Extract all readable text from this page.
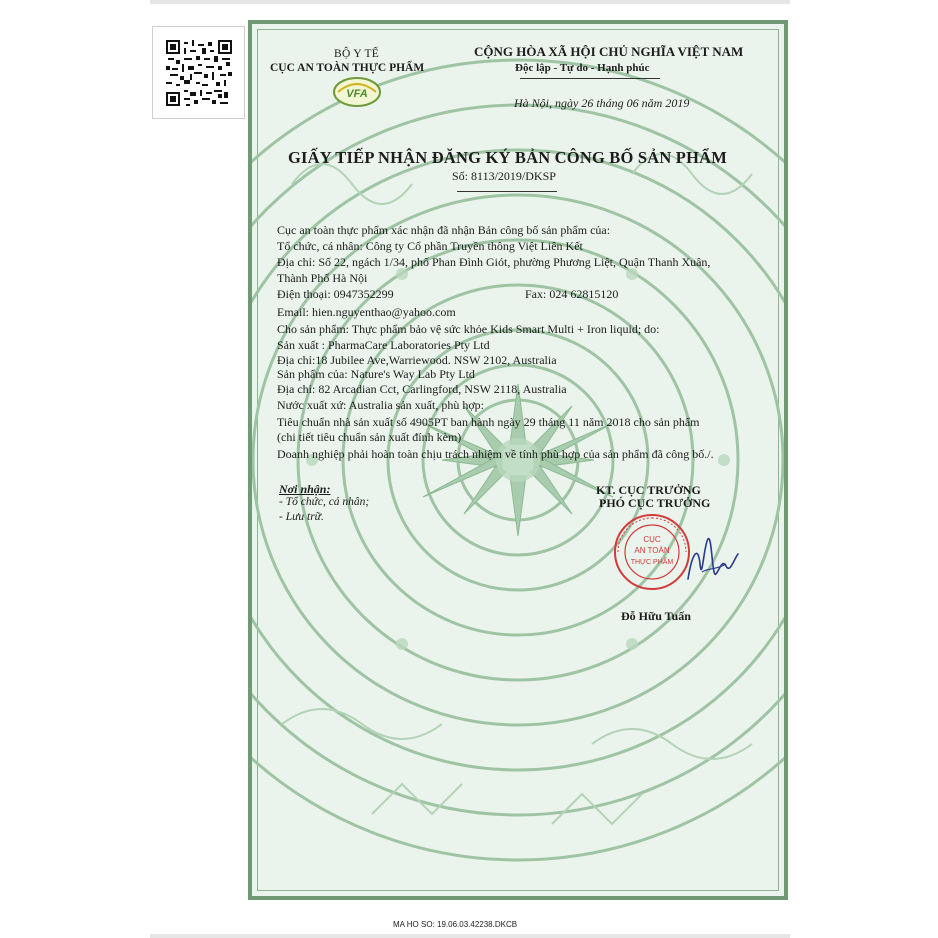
BỘ Y TẾ
CỤC AN TOÀN THỰC PHẨM
VFA
CỘNG HÒA XÃ HỘI CHỦ NGHĨA VIỆT NAM
Độc lập - Tự do - Hạnh phúc
Hà Nội, ngày 26 tháng 06 năm 2019
GIẤY TIẾP NHẬN ĐĂNG KÝ BẢN CÔNG BỐ SẢN PHẨM
Số: 8113/2019/DKSP
Cục an toàn thực phẩm xác nhận đã nhận Bản công bố sản phẩm của:
Tổ chức, cá nhân: Công ty Cổ phần Truyền thông Việt Liên Kết
Địa chỉ: Số 22, ngách 1/34, phố Phan Đình Giót, phường Phương Liệt, Quận Thanh Xuân,
Thành Phố Hà Nội
Điện thoại: 0947352299	Fax: 024 62815120
Email: hien.nguyenthao@yahoo.com
Cho sản phẩm: Thực phẩm bảo vệ sức khỏe Kids Smart Multi + Iron liquid; do:
Sản xuất : PharmaCare Laboratories Pty Ltd
Địa chỉ:18 Jubilee Ave,Warriewood. NSW 2102, Australia
Sản phẩm của: Nature's Way Lab Pty Ltd
Địa chỉ: 82 Arcadian Cct, Carlingford, NSW 2118, Australia
Nước xuất xứ: Australia sản xuất, phù hợp:
Tiêu chuẩn nhà sản xuất số 4905PT ban hành ngày 29 tháng 11 năm 2018 cho sản phẩm
(chi tiết tiêu chuẩn sản xuất đính kèm)
Doanh nghiệp phải hoàn toàn chịu trách nhiệm về tính phù hợp của sản phẩm đã công bố./.
Nơi nhận:
- Tổ chức, cá nhân;
- Lưu trữ.
KT. CỤC TRƯỞNG
PHÓ CỤC TRƯỞNG
CỤC
AN TOÀN
THỰC PHẨM
Đỗ Hữu Tuấn
MA HO SO: 19.06.03.42238.DKCB
